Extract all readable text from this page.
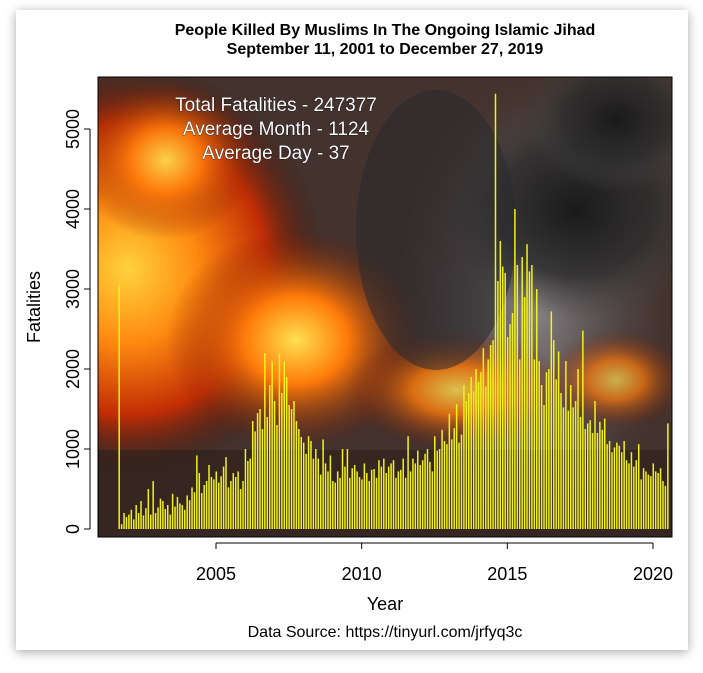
People Killed By Muslims In The Ongoing Islamic Jihad
September 11, 2001 to December 27, 2019
Total Fatalities - 247377
Average Month - 1124
Average Day - 37
0
1000
2000
3000
4000
5000
2005	2010	2015	2020
Fatalities
Year
Data Source: https://tinyurl.com/jrfyq3c
